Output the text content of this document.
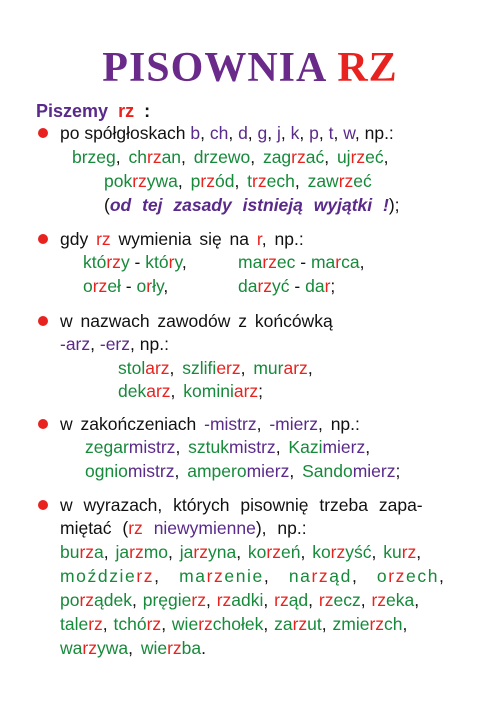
PISOWNIA RZ
Piszemy rz :
po spółgłoskach b, ch, d, g, j, k, p, t, w, np.:
brzeg, chrzan, drzewo, zagrzać, ujrzeć,
pokrzywa, przód, trzech, zawrzeć
(od tej zasady istnieją wyjątki !);
gdy rz wymienia się na r, np.:
którzy - który,	marzec - marca,
orzeł - orły,	darzyć - dar;
w nazwach zawodów z końcówką
-arz, -erz, np.:
stolarz, szlifierz, murarz,
dekarz, kominiarz;
w zakończeniach -mistrz, -mierz, np.:
zegarmistrz, sztukmistrz, Kazimierz,
ogniomistrz, amperomierz, Sandomierz;
w wyrazach, których pisownię trzeba zapa-
miętać (rz niewymienne), np.:
burza, jarzmo, jarzyna, korzeń, korzyść, kurz,
moździerz, marzenie, narząd, orzech,
porządek, pręgierz, rzadki, rząd, rzecz, rzeka,
talerz, tchórz, wierzchołek, zarzut, zmierzch,
warzywa, wierzba.
